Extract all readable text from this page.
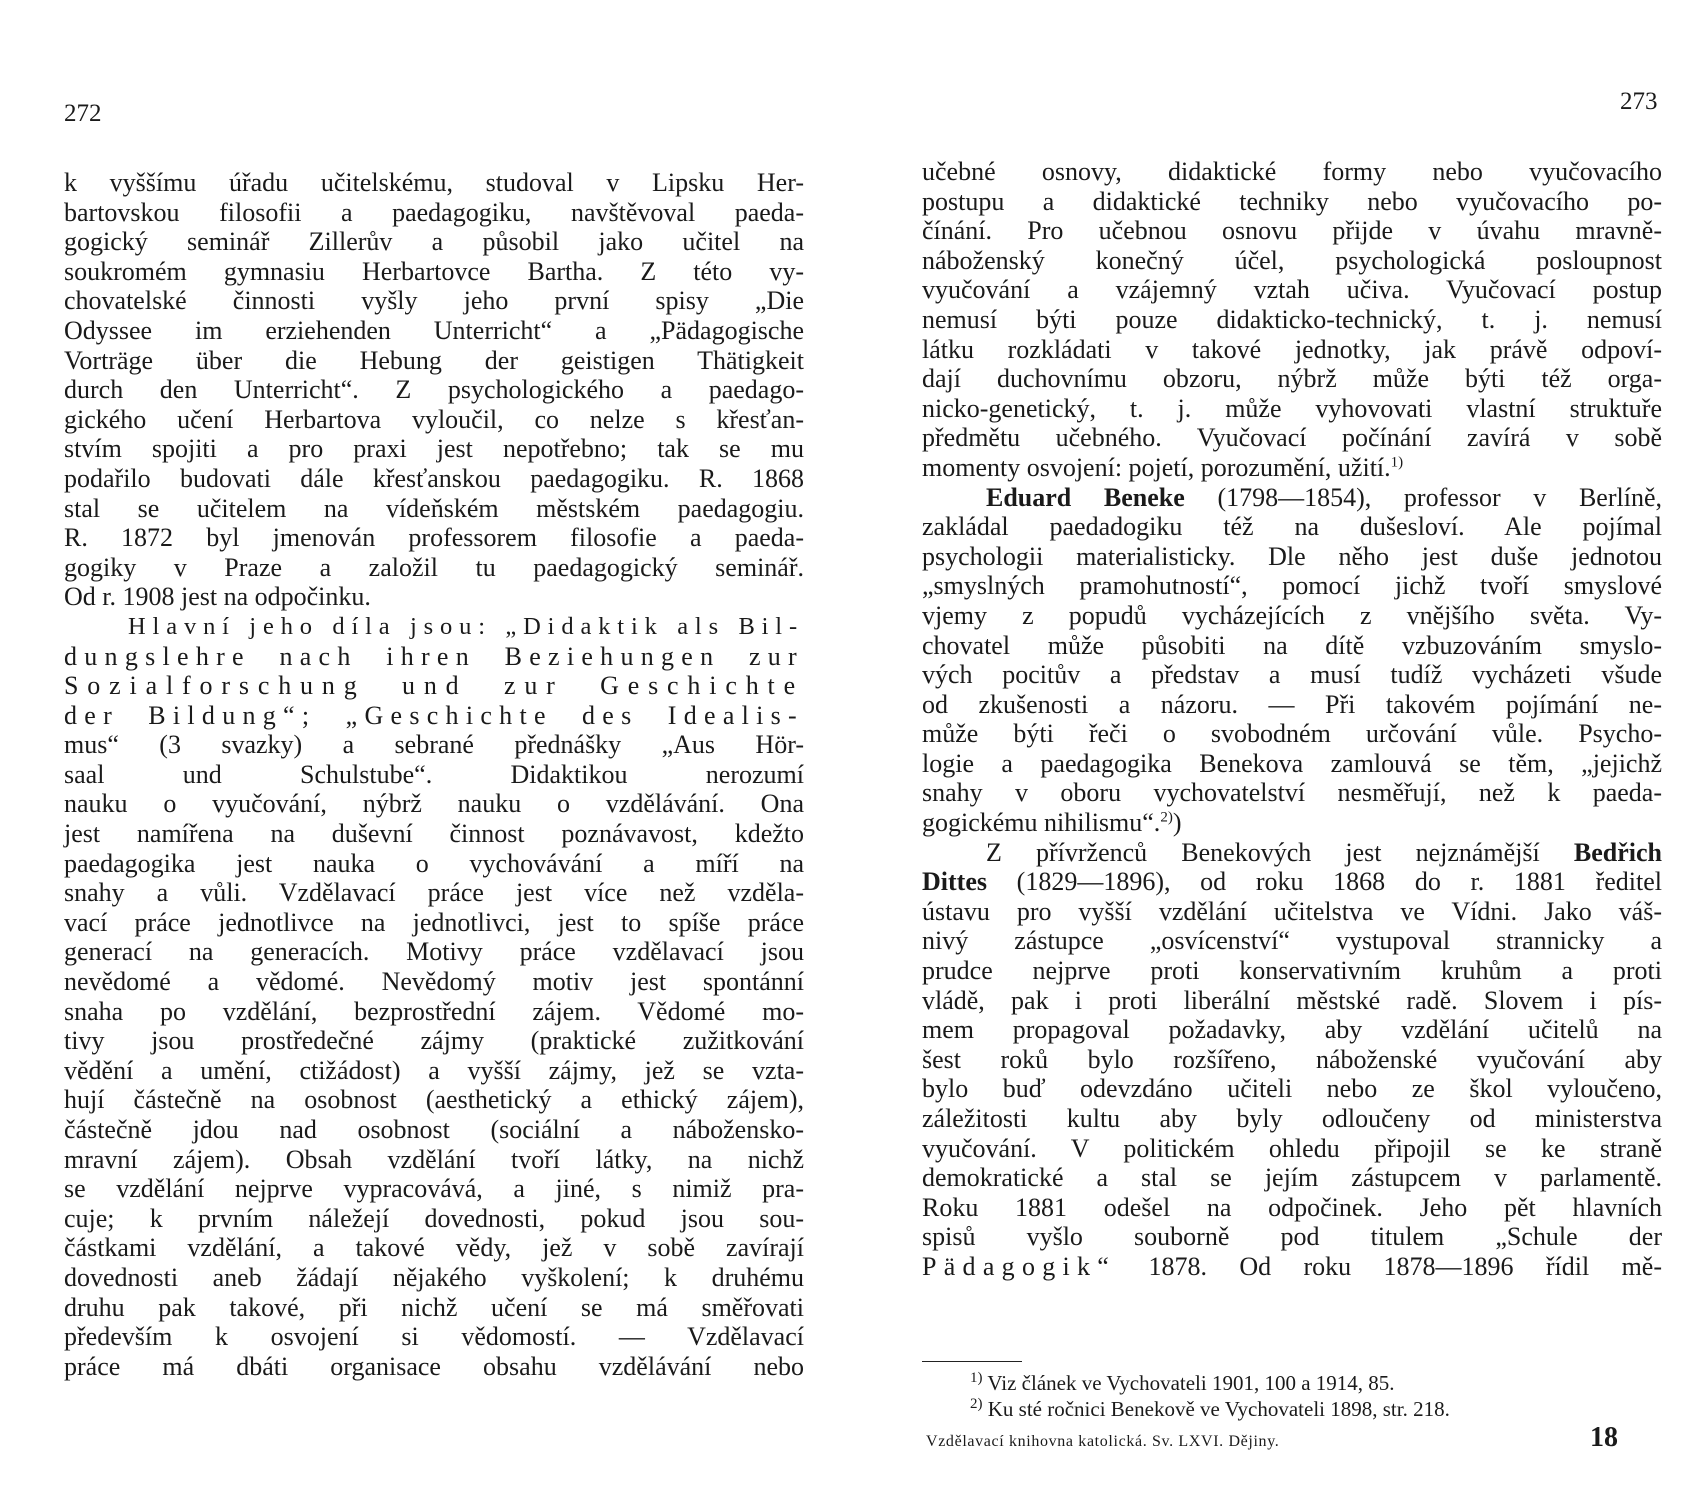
272	273
k vyššímu úřadu učitelskému, studoval v Lipsku Her-
bartovskou filosofii a paedagogiku, navštěvoval paeda-
gogický seminář Zillerův a působil jako učitel na
soukromém gymnasiu Herbartovce Bartha. Z této vy-
chovatelské činnosti vyšly jeho první spisy „Die
Odyssee im erziehenden Unterricht“ a „Pädagogische
Vorträge über die Hebung der geistigen Thätigkeit
durch den Unterricht“. Z psychologického a paedago-
gického učení Herbartova vyloučil, co nelze s křesťan-
stvím spojiti a pro praxi jest nepotřebno; tak se mu
podařilo budovati dále křesťanskou paedagogiku. R. 1868
stal se učitelem na vídeňském městském paedagogiu.
R. 1872 byl jmenován professorem filosofie a paeda-
gogiky v Praze a založil tu paedagogický seminář.
Od r. 1908 jest na odpočinku.
Hlavní jeho díla jsou: „Didaktik als Bil-
dungslehre nach ihren Beziehungen zur
Sozialforschung und zur Geschichte
der Bildung“; „Geschichte des Idealis-
mus“ (3 svazky) a sebrané přednášky „Aus Hör-
saal und Schulstube“. Didaktikou nerozumí
nauku o vyučování, nýbrž nauku o vzdělávání. Ona
jest namířena na duševní činnost poznávavost, kdežto
paedagogika jest nauka o vychovávání a míří na
snahy a vůli. Vzdělavací práce jest více než vzděla-
vací práce jednotlivce na jednotlivci, jest to spíše práce
generací na generacích. Motivy práce vzdělavací jsou
nevědomé a vědomé. Nevědomý motiv jest spontánní
snaha po vzdělání, bezprostřední zájem. Vědomé mo-
tivy jsou prostředečné zájmy (praktické zužitkování
vědění a umění, ctižádost) a vyšší zájmy, jež se vzta-
hují částečně na osobnost (aesthetický a ethický zájem),
částečně jdou nad osobnost (sociální a nábožensko-
mravní zájem). Obsah vzdělání tvoří látky, na nichž
se vzdělání nejprve vypracovává, a jiné, s nimiž pra-
cuje; k prvním náležejí dovednosti, pokud jsou sou-
částkami vzdělání, a takové vědy, jež v sobě zavírají
dovednosti aneb žádají nějakého vyškolení; k druhému
druhu pak takové, při nichž učení se má směřovati
především k osvojení si vědomostí. — Vzdělavací
práce má dbáti organisace obsahu vzdělávání nebo
učebné osnovy, didaktické formy nebo vyučovacího
postupu a didaktické techniky nebo vyučovacího po-
čínání. Pro učebnou osnovu přijde v úvahu mravně-
náboženský konečný účel, psychologická posloupnost
vyučování a vzájemný vztah učiva. Vyučovací postup
nemusí býti pouze didakticko-technický, t. j. nemusí
látku rozkládati v takové jednotky, jak právě odpoví-
dají duchovnímu obzoru, nýbrž může býti též orga-
nicko-genetický, t. j. může vyhovovati vlastní struktuře
předmětu učebného. Vyučovací počínání zavírá v sobě
momenty osvojení: pojetí, porozumění, užití.$^{1)}$
Eduard Beneke (1798—1854), professor v Berlíně,
zakládal paedadogiku též na dušesloví. Ale pojímal
psychologii materialisticky. Dle něho jest duše jednotou
„smyslných pramohutností“, pomocí jichž tvoří smyslové
vjemy z popudů vycházejících z vnějšího světa. Vy-
chovatel může působiti na dítě vzbuzováním smyslo-
vých pocitův a představ a musí tudíž vycházeti všude
od zkušenosti a názoru. — Při takovém pojímání ne-
může býti řeči o svobodném určování vůle. Psycho-
logie a paedagogika Benekova zamlouvá se těm, „jejichž
snahy v oboru vychovatelství nesměřují, než k paeda-
gogickému nihilismu“.$^{2)}$)
Z přívrženců Benekových jest nejznámější Bedřich
Dittes (1829—1896), od roku 1868 do r. 1881 ředitel
ústavu pro vyšší vzdělání učitelstva ve Vídni. Jako váš-
nivý zástupce „osvícenství“ vystupoval strannicky a
prudce nejprve proti konservativním kruhům a proti
vládě, pak i proti liberální městské radě. Slovem i pís-
mem propagoval požadavky, aby vzdělání učitelů na
šest roků bylo rozšířeno, náboženské vyučování aby
bylo buď odevzdáno učiteli nebo ze škol vyloučeno,
záležitosti kultu aby byly odloučeny od ministerstva
vyučování. V politickém ohledu připojil se ke straně
demokratické a stal se jejím zástupcem v parlamentě.
Roku 1881 odešel na odpočinek. Jeho pět hlavních
spisů vyšlo souborně pod titulem „Schule der
Pädagogik“ 1878. Od roku 1878—1896 řídil mě-
$^{1)}$ Viz článek ve Vychovateli 1901, 100 a 1914, 85.
$^{2)}$ Ku sté ročnici Benekově ve Vychovateli 1898, str. 218.
Vzdělavací knihovna katolická. Sv. LXVI. Dějiny.	18
